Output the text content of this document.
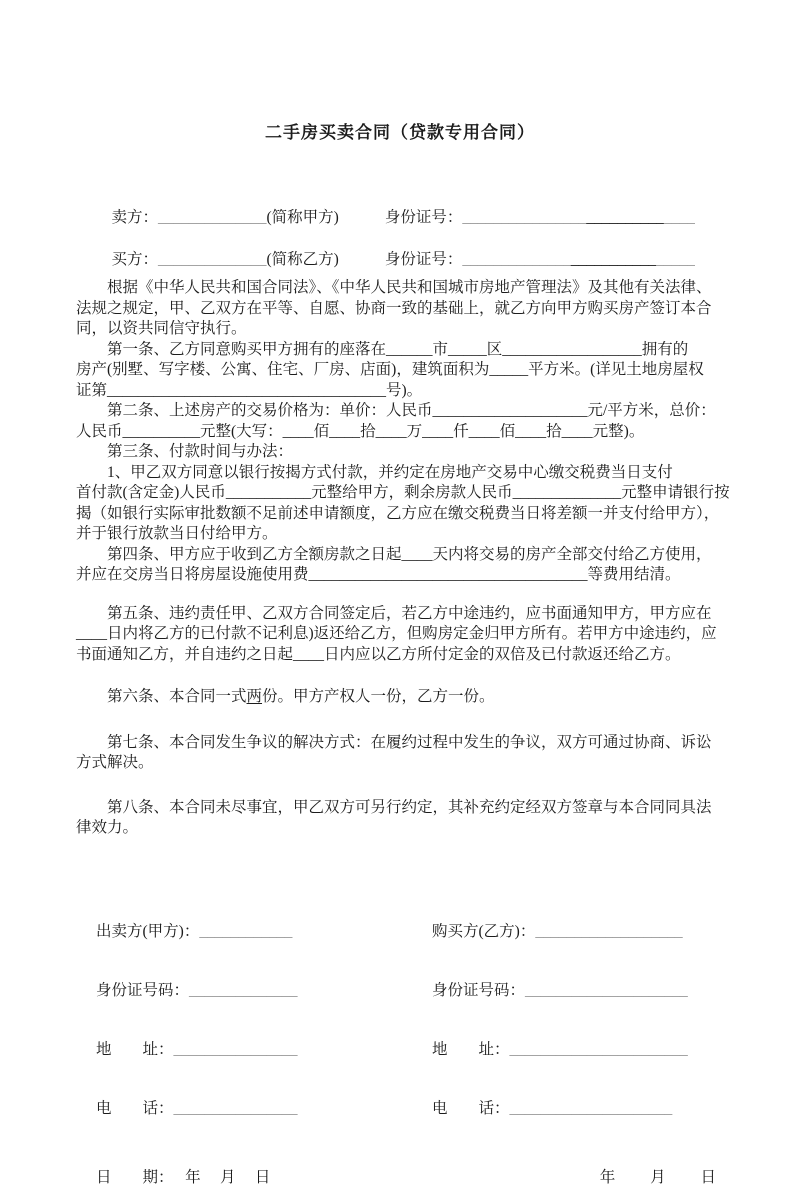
二手房买卖合同（贷款专用合同）

卖方：______________(简称甲方)	身份证号：______________________________

买方：______________(简称乙方)	身份证号：______________________________

　　根据《中华人民共和国合同法》、《中华人民共和国城市房地产管理法》及其他有关法律、
法规之规定，甲、乙双方在平等、自愿、协商一致的基础上，就乙方向甲方购买房产签订本合
同，以资共同信守执行。
　　第一条、乙方同意购买甲方拥有的座落在______市_____区__________________拥有的
房产(别墅、写字楼、公寓、住宅、厂房、店面)，建筑面积为_____平方米。(详见土地房屋权
证第____________________________________号)。
　　第二条、上述房产的交易价格为：单价：人民币____________________元/平方米，总价：
人民币__________元整(大写：____佰____拾____万____仟____佰____拾____元整)。
　　第三条、付款时间与办法：
　　1、甲乙双方同意以银行按揭方式付款，并约定在房地产交易中心缴交税费当日支付
首付款(含定金)人民币___________元整给甲方，剩余房款人民币______________元整申请银行按
揭（如银行实际审批数额不足前述申请额度，乙方应在缴交税费当日将差额一并支付给甲方），
并于银行放款当日付给甲方。
　　第四条、甲方应于收到乙方全额房款之日起____天内将交易的房产全部交付给乙方使用，
并应在交房当日将房屋设施使用费____________________________________等费用结清。
　　第五条、违约责任甲、乙双方合同签定后，若乙方中途违约，应书面通知甲方，甲方应在
____日内将乙方的已付款不记利息)返还给乙方，但购房定金归甲方所有。若甲方中途违约，应
书面通知乙方，并自违约之日起____日内应以乙方所付定金的双倍及已付款返还给乙方。
　　第六条、本合同一式两份。甲方产权人一份，乙方一份。
　　第七条、本合同发生争议的解决方式：在履约过程中发生的争议，双方可通过协商、诉讼
方式解决。
　　第八条、本合同未尽事宜，甲乙双方可另行约定，其补充约定经双方签章与本合同同具法
律效力。

出卖方(甲方)：____________

身份证号码：______________

地　　址：________________

电　　话：________________

购买方(乙方)：___________________

身份证号码：_____________________

地　　址：_______________________

电　　话：_____________________

日　　期：　 年　 月　 日	年　　 月　　 日
